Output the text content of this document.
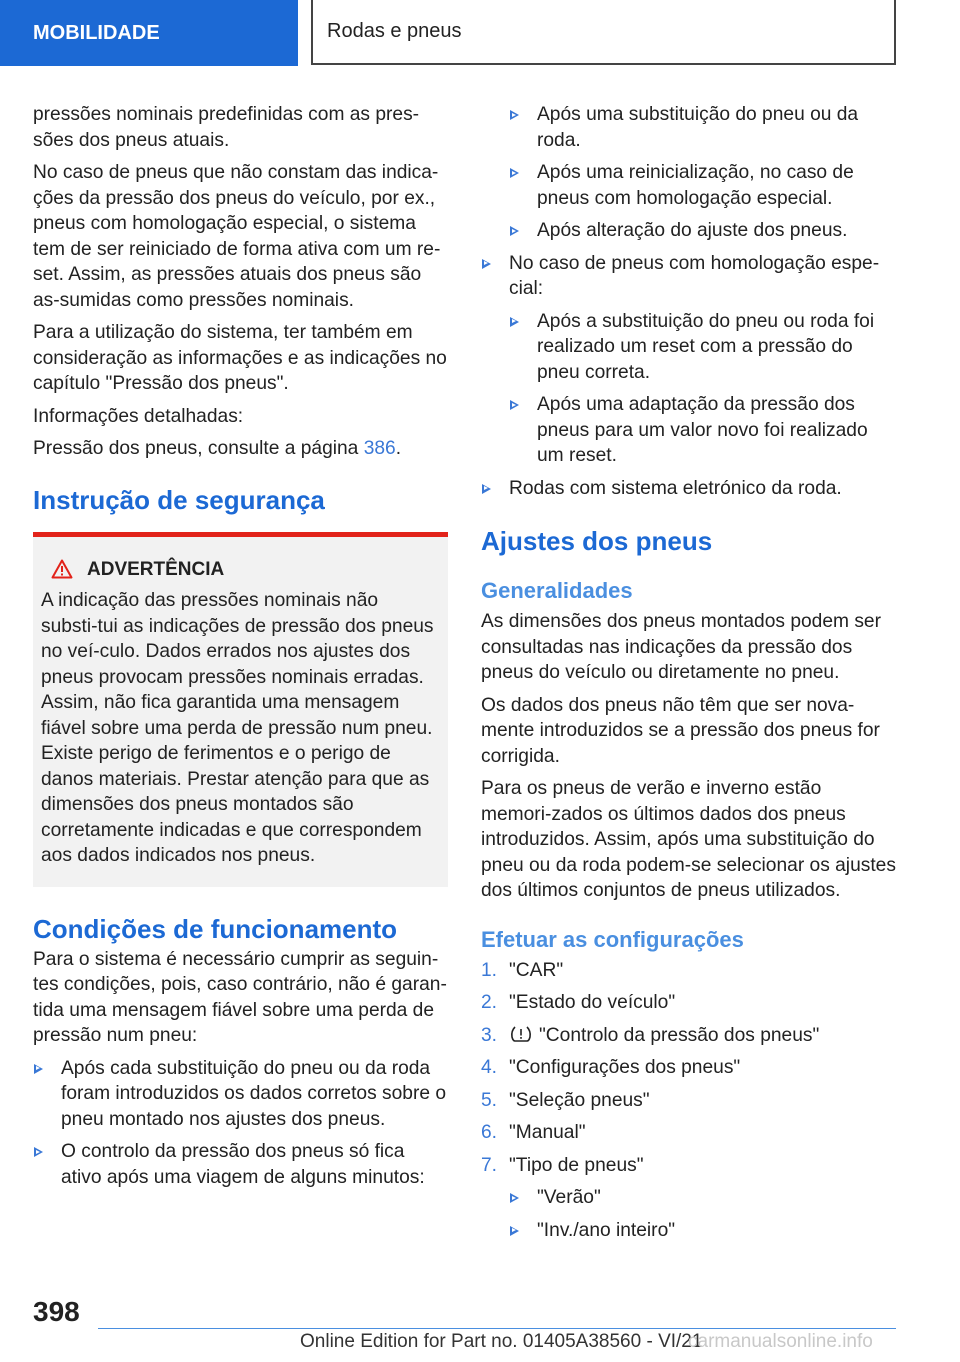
MOBILIDADE	Rodas e pneus

pressões nominais predefinidas com as pres-sões dos pneus atuais.

No caso de pneus que não constam das indica-ções da pressão dos pneus do veículo, por ex., pneus com homologação especial, o sistema tem de ser reiniciado de forma ativa com um re-set. Assim, as pressões atuais dos pneus são as-sumidas como pressões nominais.

Para a utilização do sistema, ter também em consideração as informações e as indicações no capítulo "Pressão dos pneus".

Informações detalhadas:

Pressão dos pneus, consulte a página 386.

Instrução de segurança
ADVERTÊNCIA
A indicação das pressões nominais não substi-tui as indicações de pressão dos pneus no veí-culo. Dados errados nos ajustes dos pneus provocam pressões nominais erradas. Assim, não fica garantida uma mensagem fiável sobre uma perda de pressão num pneu. Existe perigo de ferimentos e o perigo de danos materiais. Prestar atenção para que as dimensões dos pneus montados são corretamente indicadas e que correspondem aos dados indicados nos pneus.
Condições de funcionamento

Para o sistema é necessário cumprir as seguin-tes condições, pois, caso contrário, não é garan-tida uma mensagem fiável sobre uma perda de pressão num pneu:

Após cada substituição do pneu ou da roda foram introduzidos os dados corretos sobre o pneu montado nos ajustes dos pneus.
O controlo da pressão dos pneus só fica ativo após uma viagem de alguns minutos:
Após uma substituição do pneu ou da roda.
Após uma reinicialização, no caso de pneus com homologação especial.
Após alteração do ajuste dos pneus.
No caso de pneus com homologação espe-cial:
Após a substituição do pneu ou roda foi realizado um reset com a pressão do pneu correta.
Após uma adaptação da pressão dos pneus para um valor novo foi realizado um reset.
Rodas com sistema eletrónico da roda.
Ajustes dos pneus
Generalidades

As dimensões dos pneus montados podem ser consultadas nas indicações da pressão dos pneus do veículo ou diretamente no pneu.

Os dados dos pneus não têm que ser nova-mente introduzidos se a pressão dos pneus for corrigida.

Para os pneus de verão e inverno estão memori-zados os últimos dados dos pneus introduzidos. Assim, após uma substituição do pneu ou da roda podem-se selecionar os ajustes dos últimos conjuntos de pneus utilizados.

Efetuar as configurações
1. "CAR"
2. "Estado do veículo"
3. "Controlo da pressão dos pneus"
4. "Configurações dos pneus"
5. "Seleção pneus"
6. "Manual"
7. "Tipo de pneus"
"Verão"
"Inv./ano inteiro"
398
Online Edition for Part no. 01405A38560 - VI/21
carmanualsonline.info
